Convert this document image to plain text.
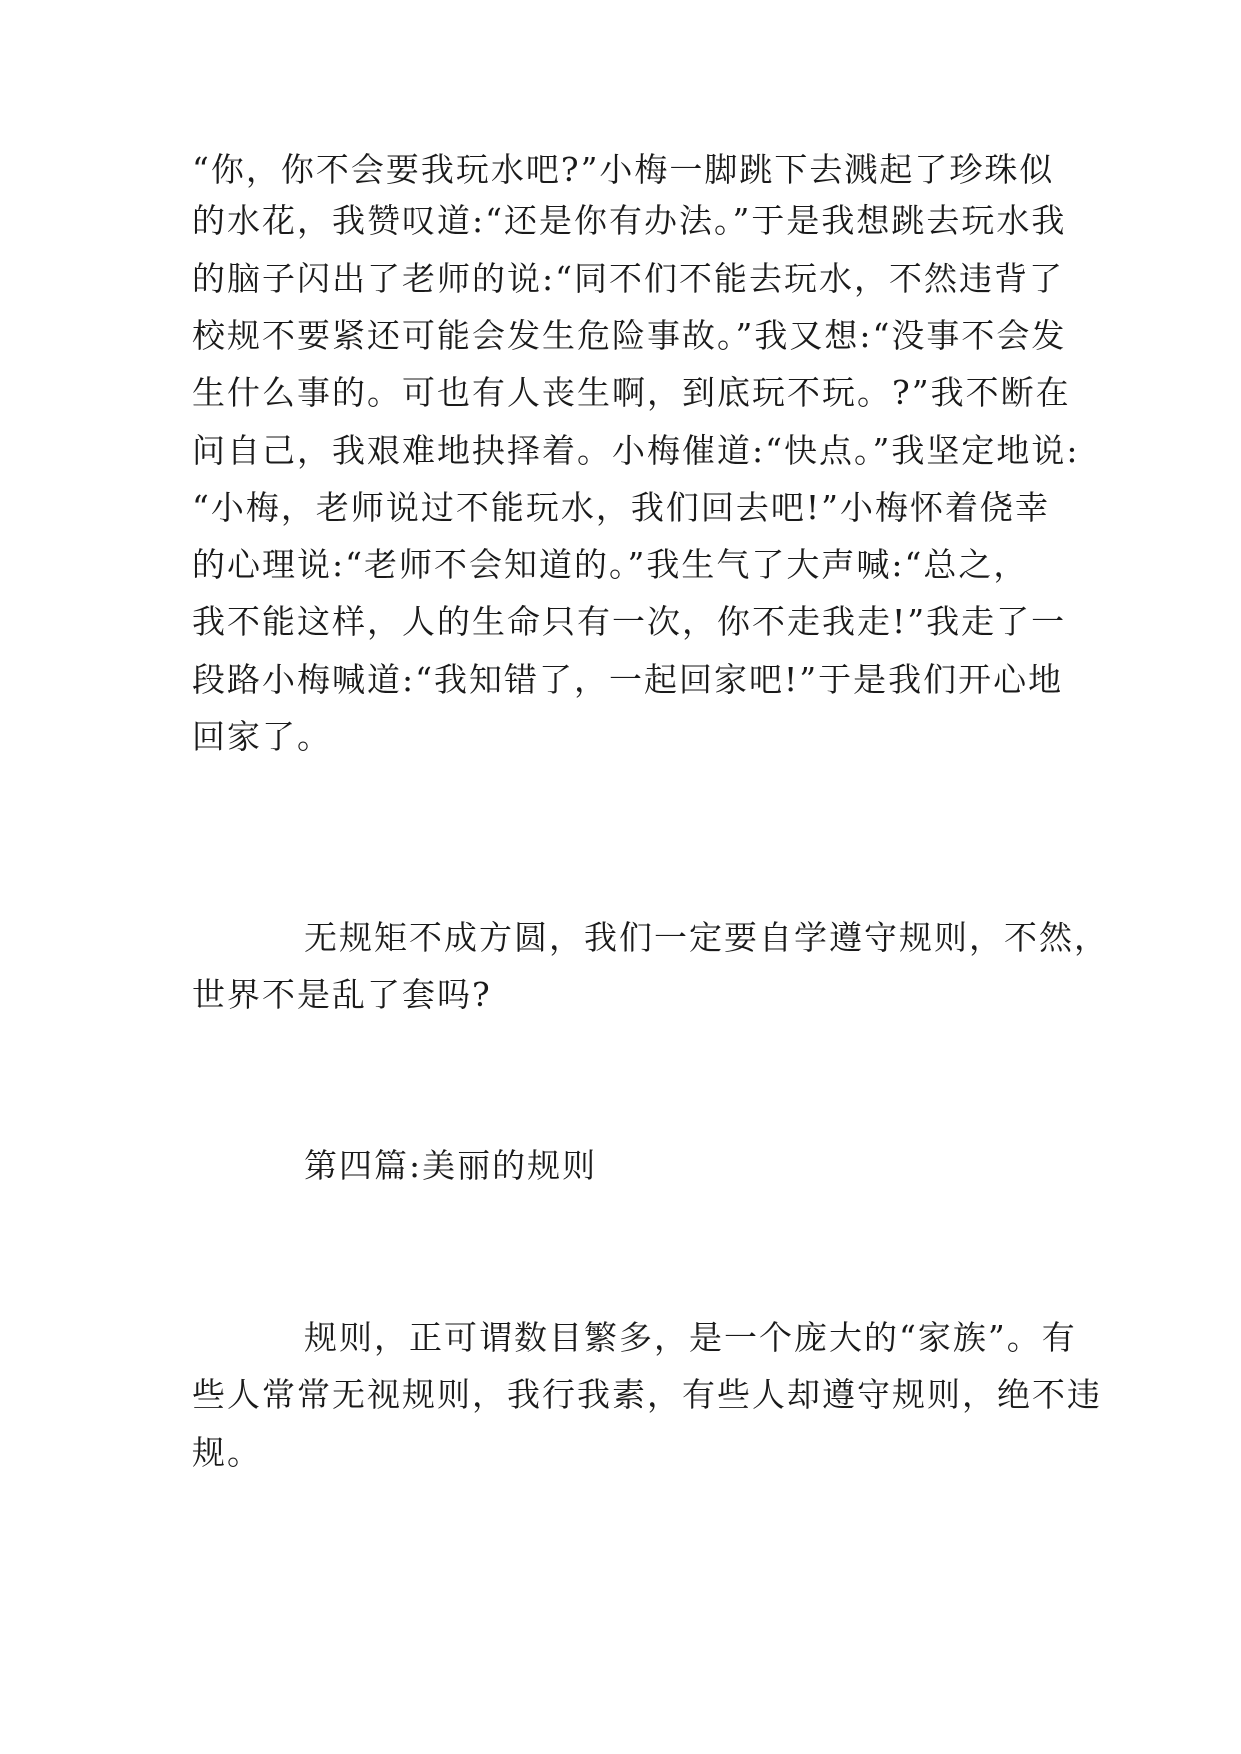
“你，你不会要我玩水吧?”小梅一脚跳下去溅起了珍珠似

的水花，我赞叹道:“还是你有办法。”于是我想跳去玩水我

的脑子闪出了老师的说:“同不们不能去玩水，不然违背了

校规不要紧还可能会发生危险事故。”我又想:“没事不会发

生什么事的。可也有人丧生啊，到底玩不玩。?”我不断在

问自己，我艰难地抉择着。小梅催道:“快点。”我坚定地说:

“小梅，老师说过不能玩水，我们回去吧!”小梅怀着侥幸

的心理说:“老师不会知道的。”我生气了大声喊:“总之，

我不能这样，人的生命只有一次，你不走我走!”我走了一

段路小梅喊道:“我知错了，一起回家吧!”于是我们开心地

回家了。

无规矩不成方圆，我们一定要自学遵守规则，不然，

世界不是乱了套吗?

第四篇:美丽的规则

规则，正可谓数目繁多，是一个庞大的“家族”。有

些人常常无视规则，我行我素，有些人却遵守规则，绝不违

规。
